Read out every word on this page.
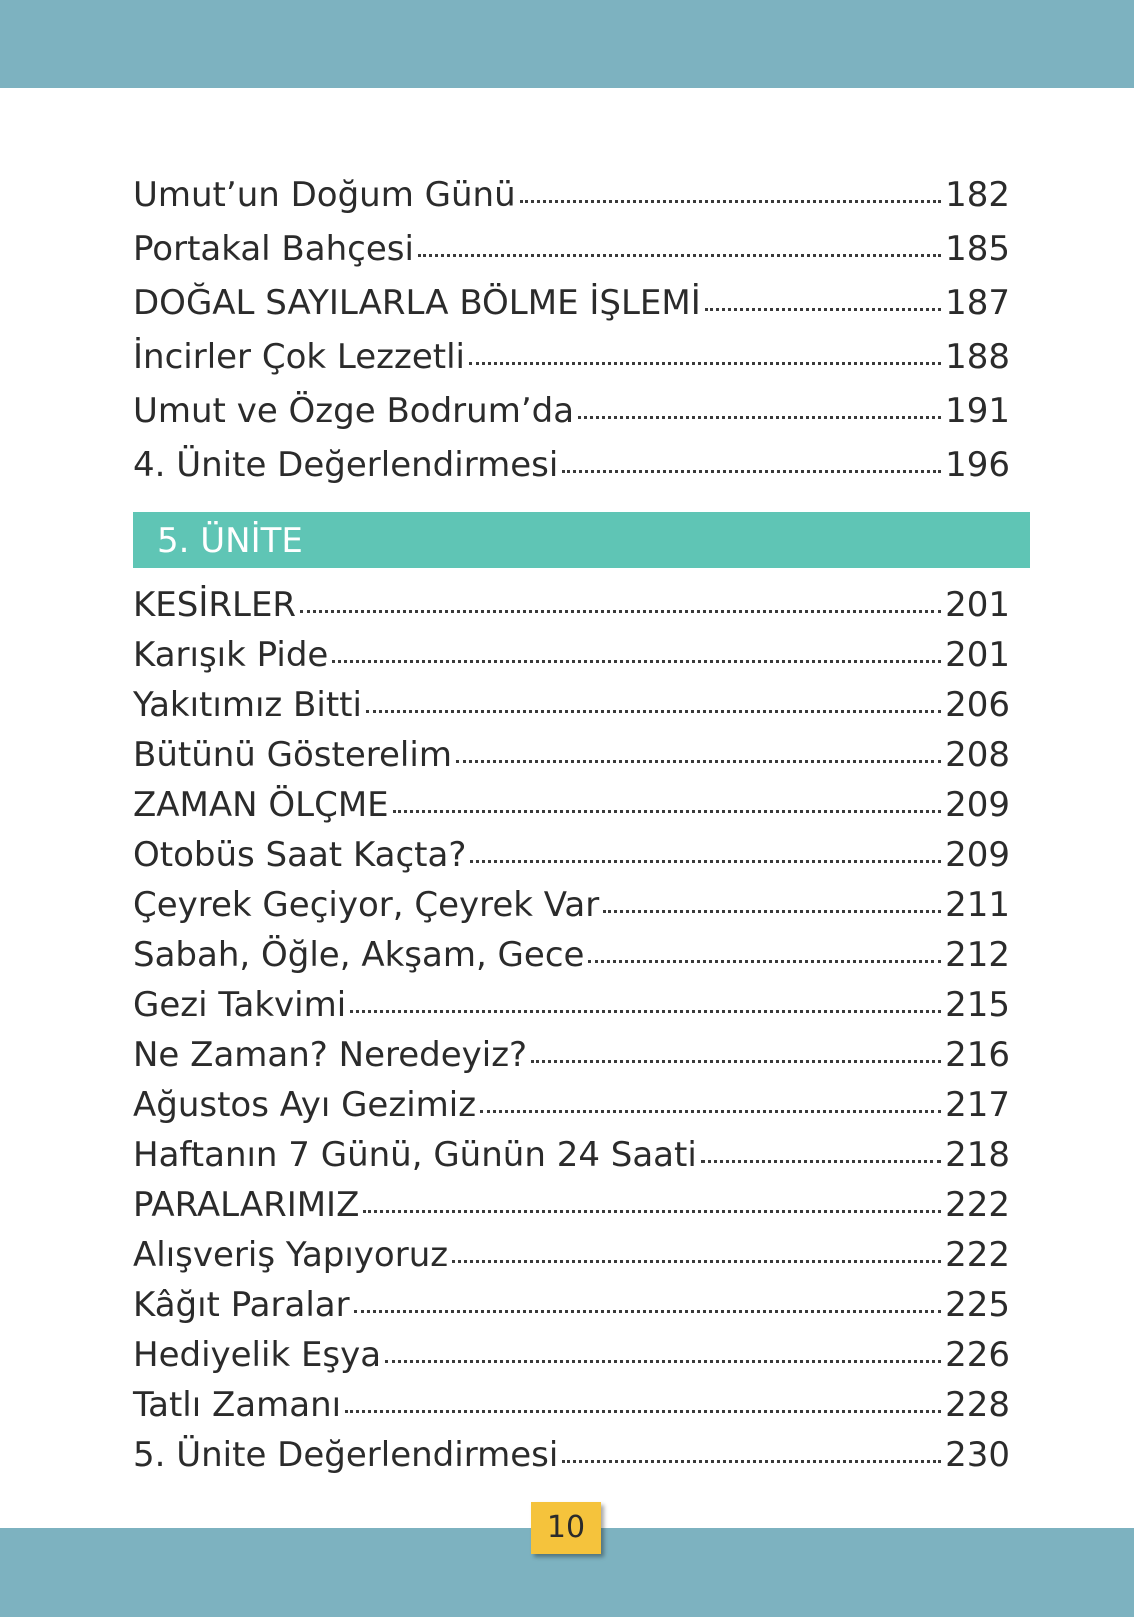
Umut’un Doğum Günü	182
Portakal Bahçesi	185
DOĞAL SAYILARLA BÖLME İŞLEMİ	187
İncirler Çok Lezzetli	188
Umut ve Özge Bodrum’da	191
4. Ünite Değerlendirmesi	196
5. ÜNİTE
KESİRLER	201
Karışık Pide	201
Yakıtımız Bitti	206
Bütünü Gösterelim	208
ZAMAN ÖLÇME	209
Otobüs Saat Kaçta?	209
Çeyrek Geçiyor, Çeyrek Var	211
Sabah, Öğle, Akşam, Gece	212
Gezi Takvimi	215
Ne Zaman? Neredeyiz?	216
Ağustos Ayı Gezimiz	217
Haftanın 7 Günü, Günün 24 Saati	218
PARALARIMIZ	222
Alışveriş Yapıyoruz	222
Kâğıt Paralar	225
Hediyelik Eşya	226
Tatlı Zamanı	228
5. Ünite Değerlendirmesi	230
10
